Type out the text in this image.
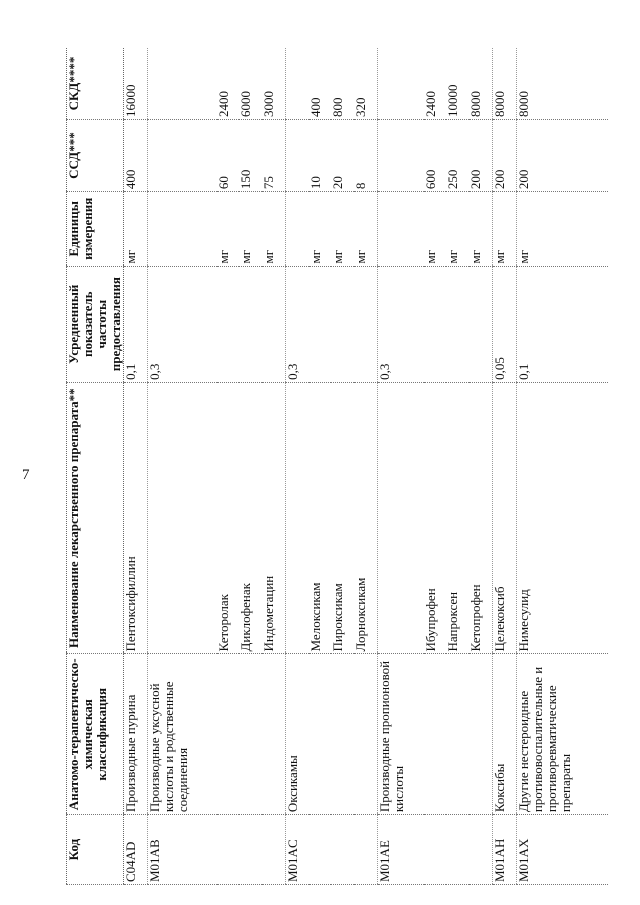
7
Код	Анатомо-терапевтическо-химическая классификация	Наименование лекарственного препарата**	Усредненный показатель частоты предоставления	Единицы измерения	ССД***	СКД****
C04AD	Производные пурина	Пентоксифиллин	0,1	мг	400	16000
M01AB	Производные уксусной кислоты и родственные соединения		0,3			
		Кеторолак		мг	60	2400
		Диклофенак		мг	150	6000
		Индометацин		мг	75	3000
M01AC	Оксикамы		0,3			
		Мелоксикам		мг	10	400
		Пироксикам		мг	20	800
		Лорноксикам		мг	8	320
M01AE	Производные пропионовой кислоты		0,3			
		Ибупрофен		мг	600	2400
		Напроксен		мг	250	10000
		Кетопрофен		мг	200	8000
M01AH	Коксибы	Целекоксиб	0,05	мг	200	8000
M01AX	Другие нестероидные противовоспалительные и противоревматические препараты	Нимесулид	0,1	мг	200	8000
